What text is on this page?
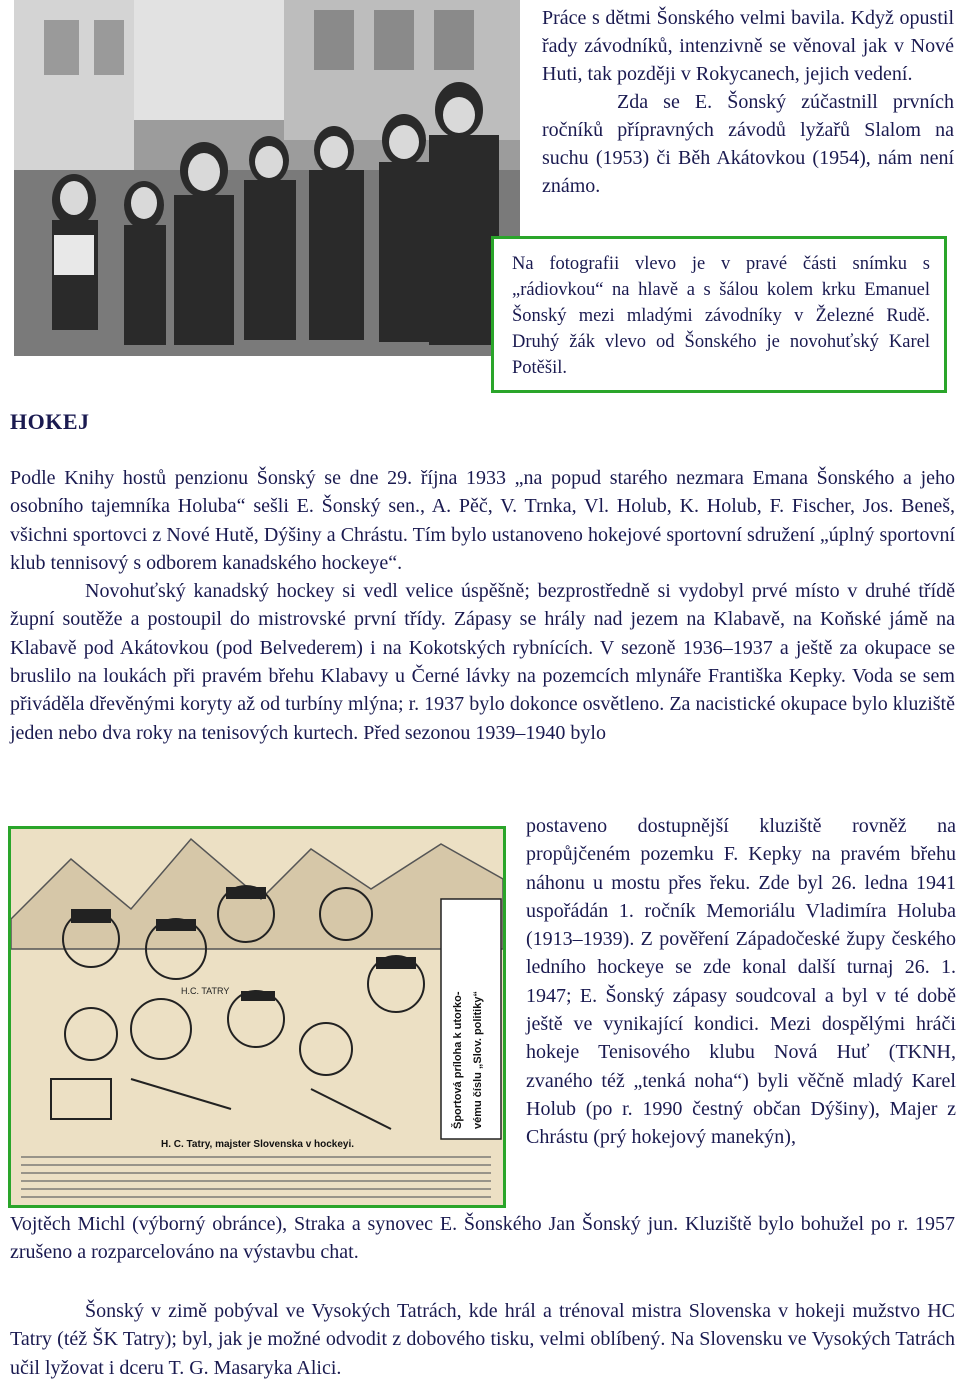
Práce s dětmi Šonského velmi bavila. Když opustil řady závodníků, intenzivně se věnoval jak v Nové Huti, tak později v Rokycanech, jejich vedení.

Zda se E. Šonský zúčastnill prvních ročníků přípravných závodů lyžařů Slalom na suchu (1953) či Běh Akátovkou (1954), nám není známo.

Na fotografii vlevo je v pravé části snímku s „rádiovkou“ na hlavě a s šálou kolem krku Emanuel Šonský mezi mladými závodníky v Železné Rudě. Druhý žák vlevo od Šonského je novohuťský Karel Potěšil.
HOKEJ

Podle Knihy hostů penzionu Šonský se dne 29. října 1933 „na popud starého nezmara Emana Šonského a jeho osobního tajemníka Holuba“ sešli E. Šonský sen., A. Pěč, V. Trnka, Vl. Holub, K. Holub, F. Fischer, Jos. Beneš, všichni sportovci z Nové Hutě, Dýšiny a Chrástu. Tím bylo ustanoveno hokejové sportovní sdružení „úplný sportovní klub tennisový s odborem kanadského hockeye“.

Novohuťský kanadský hockey si vedl velice úspěšně; bezprostředně si vydobyl prvé místo v druhé třídě župní soutěže a postoupil do mistrovské první třídy. Zápasy se hrály nad jezem na Klabavě, na Koňské jámě na Klabavě pod Akátovkou (pod Belvederem) i na Kokotských rybnících. V sezoně 1936–1937 a ještě za okupace se bruslilo na loukách při pravém břehu Klabavy u Černé lávky na pozemcích mlynáře Františka Kepky. Voda se sem přiváděla dřevěnými koryty až od turbíny mlýna; r. 1937 bylo dokonce osvětleno. Za nacistické okupace bylo kluziště jeden nebo dva roky na tenisových kurtech. Před sezonou 1939–1940 bylo

H.C. TATRY
Športová príloha k utorko- vému číslu „Slov. politiky“
H. C. Tatry, majster Slovenska v hockeyi.

postaveno dostupnější kluziště rovněž na propůjčeném pozemku F. Kepky na pravém břehu náhonu u mostu přes řeku. Zde byl 26. ledna 1941 uspořádán 1. ročník Memoriálu Vladimíra Holuba (1913–1939). Z pověření Západočeské župy českého ledního hockeye se zde konal další turnaj 26. 1. 1947; E. Šonský zápasy soudcoval a byl v té době ještě ve vynikající kondici. Mezi dospělými hráči hokeje Tenisového klubu Nová Huť (TKNH, zvaného též „tenká noha“) byli věčně mladý Karel Holub (po r. 1990 čestný občan Dýšiny), Majer z Chrástu (prý hokejový manekýn),

Vojtěch Michl (výborný obránce), Straka a synovec E. Šonského Jan Šonský jun. Kluziště bylo bohužel po r. 1957 zrušeno a rozparcelováno na výstavbu chat.

Šonský v zimě pobýval ve Vysokých Tatrách, kde hrál a trénoval mistra Slovenska v hokeji mužstvo HC Tatry (též ŠK Tatry); byl, jak je možné odvodit z dobového tisku, velmi oblíbený. Na Slovensku ve Vysokých Tatrách učil lyžovat i dceru T. G. Masaryka Alici.
